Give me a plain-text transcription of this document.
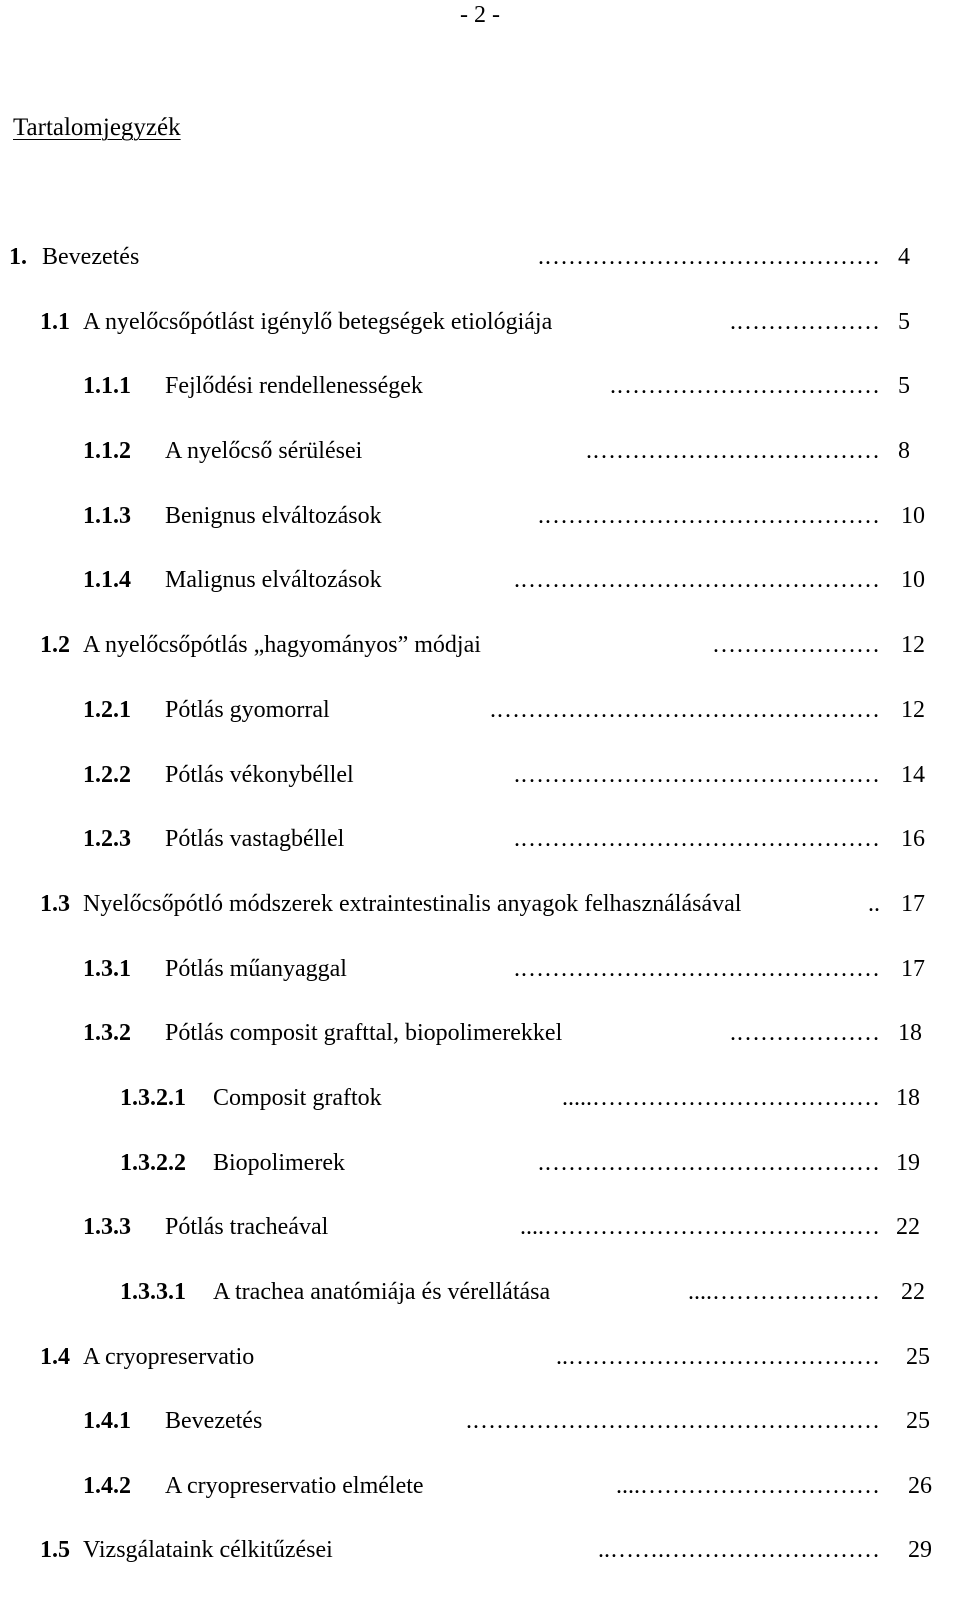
- 2 -
Tartalomjegyzék
1. Bevezetés	……………………………………. 4
1.1 A nyelőcsőpótlást igénylő betegségek etiológiája	………………. 5
1.1.1 Fejlődési rendellenességek	……………………………. 5
1.1.2 A nyelőcső sérülései	………………………………. 8
1.1.3 Benignus elváltozások	……………………………………. 10
1.1.4 Malignus elváltozások	………………………………………. 10
1.2 A nyelőcsőpótlás „hagyományos” módjai	………………… 12
1.2.1 Pótlás gyomorral	…………………………………………. 12
1.2.2 Pótlás vékonybéllel	………………………………………. 14
1.2.3 Pótlás vastagbéllel	………………………………………. 16
1.3 Nyelőcsőpótló módszerek extraintestinalis anyagok felhasználásával	.. 17
1.3.1 Pótlás műanyaggal	………………………………………. 17
1.3.2 Pótlás composit grafttal, biopolimerekkel	………………. 18
1.3.2.1 Composit graftok	………………………………..... 18
1.3.2.2 Biopolimerek	……………………………………. 19
1.3.3 Pótlás tracheával	…………………………………….... 22
1.3.3.1 A trachea anatómiája és vérellátása	………………….... 22
1.4 A cryopreservatio	…………………………………..	25
1.4.1 Bevezetés	…………………………………………….	25
1.4.2 A cryopreservatio elmélete	…………………………....	26
1.5 Vizsgálataink célkitűzései	……………………….……..	29
